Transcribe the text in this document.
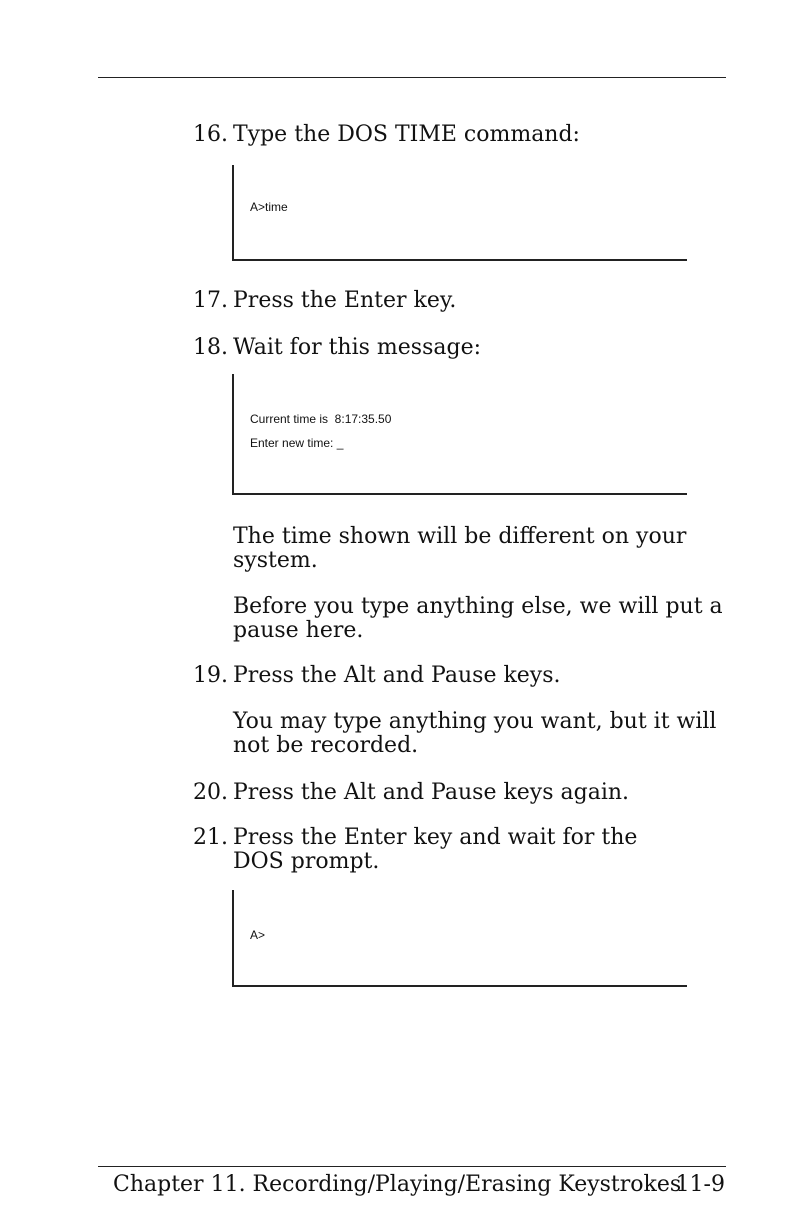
16. Type the DOS TIME command:
A>time
17. Press the Enter key.
18. Wait for this message:
Current time is  8:17:35.50
Enter new time: _
The time shown will be different on your system.
Before you type anything else, we will put a pause here.
19. Press the Alt and Pause keys.
You may type anything you want, but it will not be recorded.
20. Press the Alt and Pause keys again.
21. Press the Enter key and wait for the DOS prompt.
A>
Chapter 11. Recording/Playing/Erasing Keystrokes
11-9
